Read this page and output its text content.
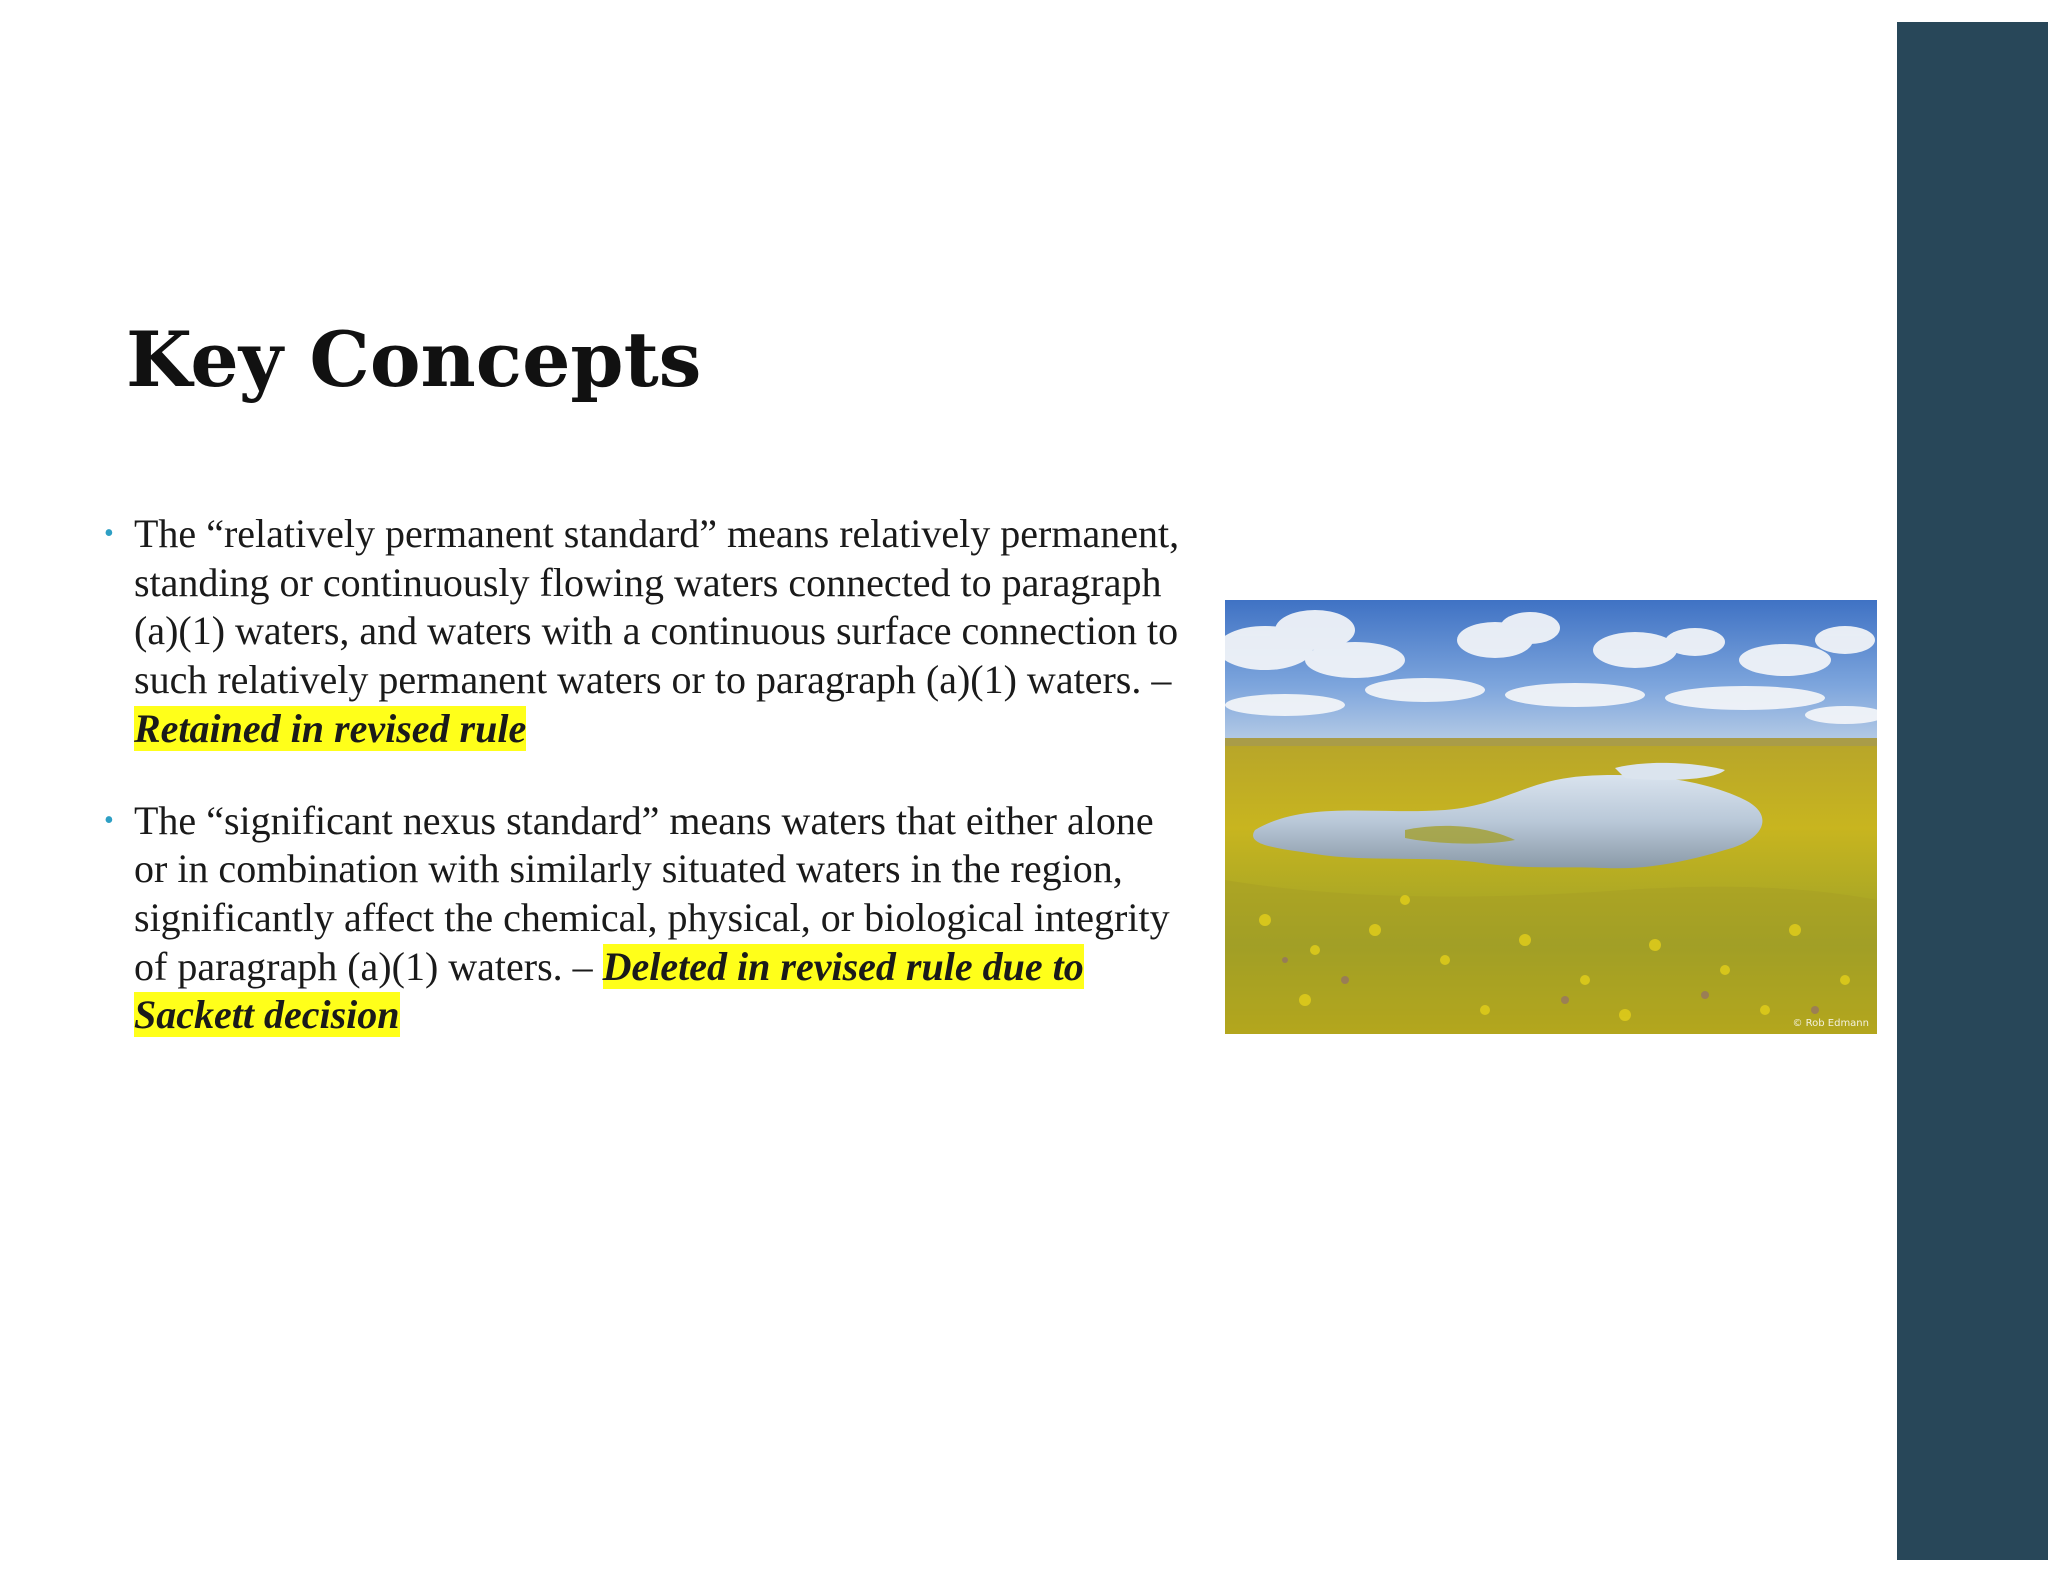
Key Concepts
• The “relatively permanent standard” means relatively permanent, standing or continuously flowing waters connected to paragraph (a)(1) waters, and waters with a continuous surface connection to such relatively permanent waters or to paragraph (a)(1) waters. – Retained in revised rule
• The “significant nexus standard” means waters that either alone or in combination with similarly situated waters in the region, significantly affect the chemical, physical, or biological integrity of paragraph (a)(1) waters. – Deleted in revised rule due to Sackett decision	© Rob Edmann
